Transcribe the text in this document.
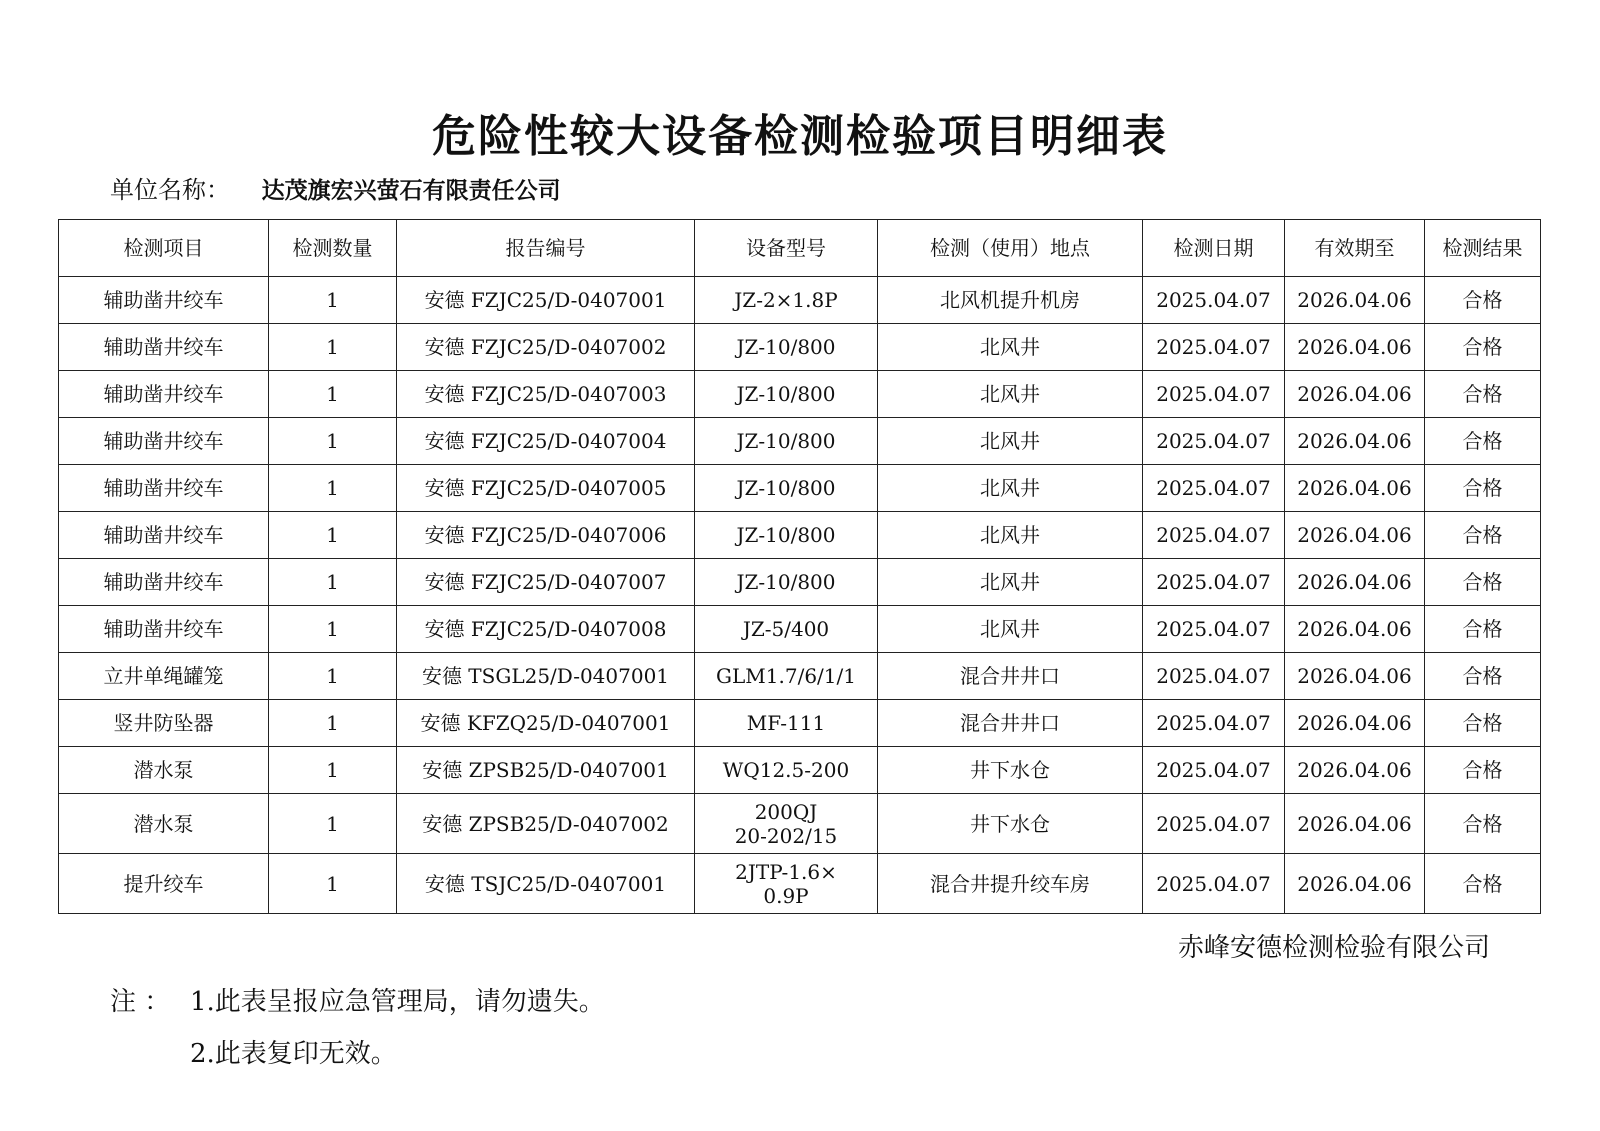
危险性较大设备检测检验项目明细表
单位名称： 达茂旗宏兴萤石有限责任公司
检测项目	检测数量	报告编号	设备型号	检测（使用）地点	检测日期	有效期至	检测结果
辅助凿井绞车	1	安德 FZJC25/D-0407001	JZ-2×1.8P	北风机提升机房	2025.04.07	2026.04.06	合格
辅助凿井绞车	1	安德 FZJC25/D-0407002	JZ-10/800	北风井	2025.04.07	2026.04.06	合格
辅助凿井绞车	1	安德 FZJC25/D-0407003	JZ-10/800	北风井	2025.04.07	2026.04.06	合格
辅助凿井绞车	1	安德 FZJC25/D-0407004	JZ-10/800	北风井	2025.04.07	2026.04.06	合格
辅助凿井绞车	1	安德 FZJC25/D-0407005	JZ-10/800	北风井	2025.04.07	2026.04.06	合格
辅助凿井绞车	1	安德 FZJC25/D-0407006	JZ-10/800	北风井	2025.04.07	2026.04.06	合格
辅助凿井绞车	1	安德 FZJC25/D-0407007	JZ-10/800	北风井	2025.04.07	2026.04.06	合格
辅助凿井绞车	1	安德 FZJC25/D-0407008	JZ-5/400	北风井	2025.04.07	2026.04.06	合格
立井单绳罐笼	1	安德 TSGL25/D-0407001	GLM1.7/6/1/1	混合井井口	2025.04.07	2026.04.06	合格
竖井防坠器	1	安德 KFZQ25/D-0407001	MF-111	混合井井口	2025.04.07	2026.04.06	合格
潜水泵	1	安德 ZPSB25/D-0407001	WQ12.5-200	井下水仓	2025.04.07	2026.04.06	合格
潜水泵	1	安德 ZPSB25/D-0407002	200QJ
20-202/15	井下水仓	2025.04.07	2026.04.06	合格
提升绞车	1	安德 TSJC25/D-0407001	2JTP-1.6×
0.9P	混合井提升绞车房	2025.04.07	2026.04.06	合格
赤峰安德检测检验有限公司
注 ： 1.此表呈报应急管理局，请勿遗失。
2.此表复印无效。
